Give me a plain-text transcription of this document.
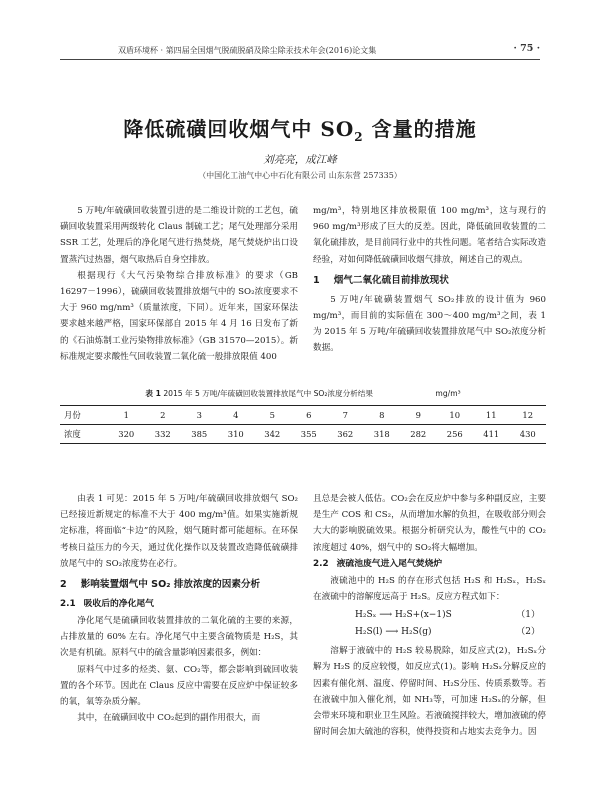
双盾环境杯 · 第四届全国烟气脱硫脱硝及除尘除汞技术年会(2016)论文集	· 75 ·
降低硫磺回收烟气中 $SO_2$ 含量的措施
刘亮亮，成江峰
（中国化工油气中心中石化有限公司 山东东营 257335）

5 万吨/年硫磺回收装置引进的是二维设计院的工艺包，硫磺回收装置采用两级转化 Claus 制硫工艺；尾气处理部分采用 SSR 工艺，处理后的净化尾气进行热焚烧，尾气焚烧炉出口设置蒸汽过热器，烟气取热后自身空排放。

根据现行《大气污染物综合排放标准》的要求（GB 16297－1996），硫磺回收装置排放烟气中的 SO₂浓度要求不大于 960 mg/nm³（质量浓度，下同）。近年来，国家环保法要求越来越严格，国家环保部自 2015 年 4 月 16 日发布了新的《石油炼制工业污染物排放标准》（GB 31570—2015）。新标准规定要求酸性气回收装置二氧化硫一般排放限值 400

mg/m³，特别地区排放极限值 100 mg/m³，这与现行的 960 mg/m³形成了巨大的反差。因此，降低硫回收装置的二氧化硫排放，是目前同行业中的共性问题。笔者结合实际改造经验，对如何降低硫磺回收烟气排放，阐述自己的观点。

1 烟气二氧化硫目前排放现状

5 万吨/年硫磺装置烟气 SO₂排放的设计值为 960 mg/m³，而目前的实际值在 300～400 mg/m³之间，表 1 为 2015 年 5 万吨/年硫磺回收装置排放尾气中 SO₂浓度分析数据。

表 1 2015 年 5 万吨/年硫磺回收装置排放尾气中 SO₂浓度分析结果	mg/m³
月份	1	2	3	4	5	6	7	8	9	10	11	12
浓度	320	332	385	310	342	355	362	318	282	256	411	430

由表 1 可见：2015 年 5 万吨/年硫磺回收排放烟气 SO₂已经接近新规定的标准不大于 400 mg/m³值。如果实施新规定标准，将面临“卡边”的风险，烟气随时都可能超标。在环保考核日益压力的今天，通过优化操作以及装置改造降低硫磺排放尾气中的 SO₂浓度势在必行。

2 影响装置烟气中 SO₂ 排放浓度的因素分析
2.1 吸收后的净化尾气

净化尾气是硫磺回收装置排放的二氧化硫的主要的来源，占排放量的 60% 左右。净化尾气中主要含硫物质是 H₂S，其次是有机硫。原料气中的硫含量影响因素很多，例如：

原料气中过多的烃类、氨、CO₂等，都会影响到硫回收装置的各个环节。因此在 Claus 反应中需要在反应炉中保证较多的氧，氧等杂质分解。

其中，在硫磺回收中 CO₂起到的副作用很大，而

且总是会被人低估。CO₂会在反应炉中参与多种副反应，主要是生产 COS 和 CS₂，从而增加水解的负担，在吸收部分则会大大的影响脱硫效果。根据分析研究认为，酸性气中的 CO₂浓度超过 40%，烟气中的 SO₂将大幅增加。

2.2 液硫池废气进入尾气焚烧炉

液硫池中的 H₂S 的存在形式包括 H₂S 和 H₂Sₓ，H₂Sₓ在液硫中的溶解度远高于 H₂S。反应方程式如下：

H₂Sₓ ⟶ H₂S+(x−1)S	（1）
H₂S(l) ⟶ H₂S(g)	（2）

溶解于液硫中的 H₂S 较易脱除，如反应式(2)，H₂Sₓ分解为 H₂S 的反应较慢，如反应式(1)。影响 H₂Sₓ分解反应的因素有催化剂、温度、停留时间、H₂S分压、传质系数等。若在液硫中加入催化剂，如 NH₃等，可加速 H₂Sₓ的分解，但会带来环境和职业卫生风险。若液硫搅拌较大，增加液硫的停留时间会加大硫池的容积，使得投资和占地实去竞争力。因
